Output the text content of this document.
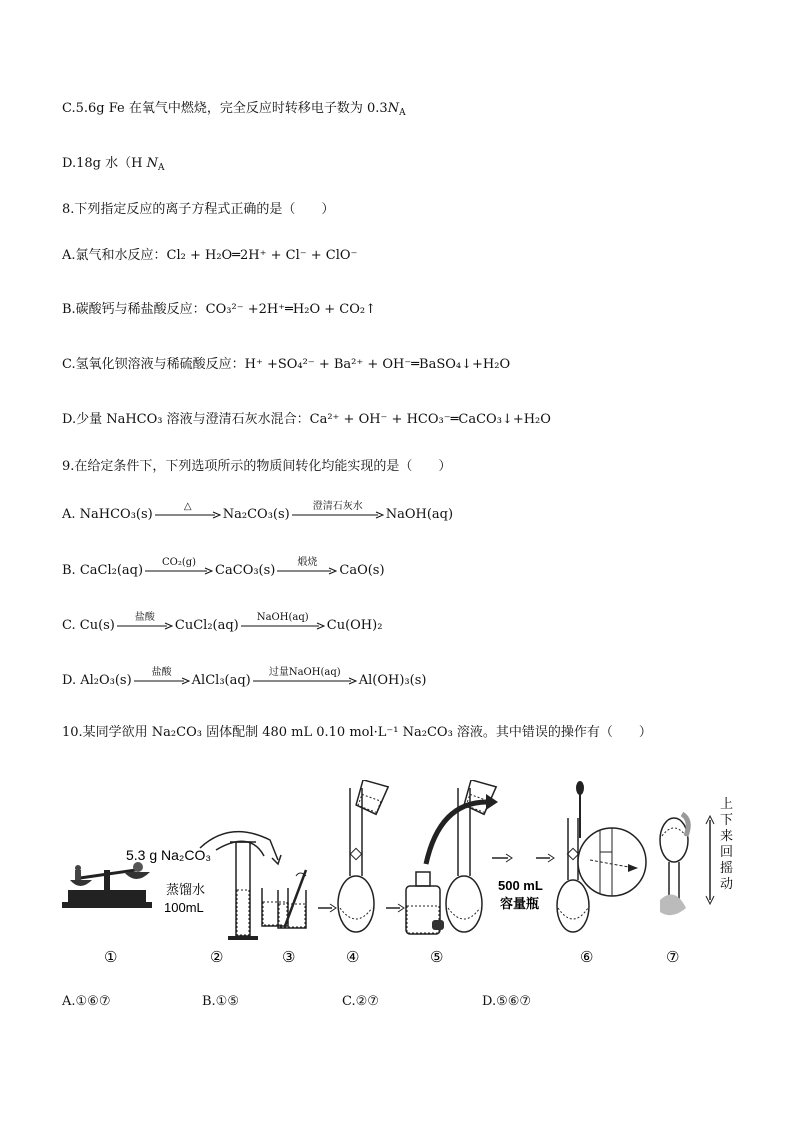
C.5.6g Fe 在氧气中燃烧，完全反应时转移电子数为 $0.3N_A$
D.18g 水（H $N_A$
8.下列指定反应的离子方程式正确的是（　　）
A.氯气和水反应：Cl₂ + H₂O═2H⁺ + Cl⁻ + ClO⁻
B.碳酸钙与稀盐酸反应：CO₃²⁻ +2H⁺═H₂O + CO₂↑
C.氢氧化钡溶液与稀硫酸反应：H⁺ +SO₄²⁻ + Ba²⁺ + OH⁻═BaSO₄↓+H₂O
D.少量 NaHCO₃ 溶液与澄清石灰水混合：Ca²⁺ + OH⁻ + HCO₃⁻═CaCO₃↓+H₂O
9.在给定条件下，下列选项所示的物质间转化均能实现的是（　　）
A. NaHCO₃(s)
△
Na₂CO₃(s)
澄清石灰水
NaOH(aq)
B. CaCl₂(aq)
CO₂(g)
CaCO₃(s)
煅烧
CaO(s)
C. Cu(s)
盐酸
CuCl₂(aq)
NaOH(aq)
Cu(OH)₂
D. Al₂O₃(s)
盐酸
AlCl₃(aq)
过量NaOH(aq)
Al(OH)₃(s)
10.某同学欲用 Na₂CO₃ 固体配制 480 mL 0.10 mol·L⁻¹ Na₂CO₃ 溶液。其中错误的操作有（　　）
5.3 g Na₂CO₃
蒸馏水
100mL
500 mL
容量瓶
上
下
来
回
摇
动
①	②	③	④	⑤	⑥	⑦
A.①⑥⑦	B.①⑤	C.②⑦	D.⑤⑥⑦
